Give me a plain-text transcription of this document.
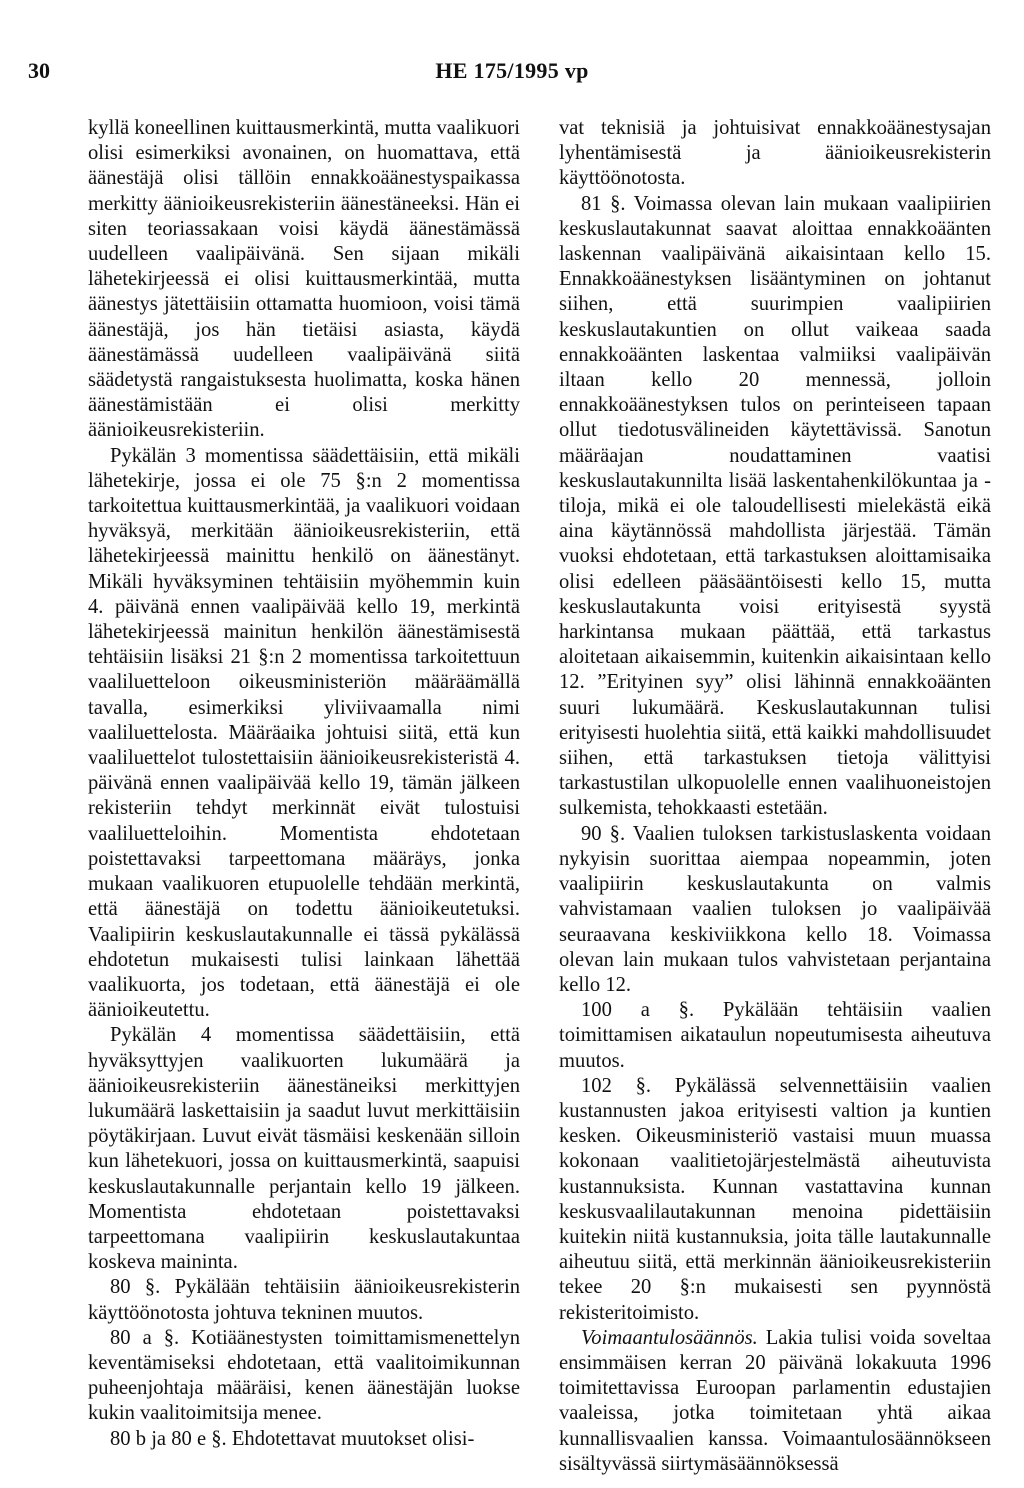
30	HE 175/1995 vp

kyllä koneellinen kuittausmerkintä, mutta vaalikuori olisi esimerkiksi avonainen, on huomattava, että äänestäjä olisi tällöin ennakkoäänestyspaikassa merkitty äänioikeusrekisteriin äänestäneeksi. Hän ei siten teoriassakaan voisi käydä äänestämässä uudelleen vaalipäivänä. Sen sijaan mikäli lähetekirjeessä ei olisi kuittausmerkintää, mutta äänestys jätettäisiin ottamatta huomioon, voisi tämä äänestäjä, jos hän tietäisi asiasta, käydä äänestämässä uudelleen vaalipäivänä siitä säädetystä rangaistuksesta huolimatta, koska hänen äänestämistään ei olisi merkitty äänioikeusrekisteriin.

Pykälän 3 momentissa säädettäisiin, että mikäli lähetekirje, jossa ei ole 75 §:n 2 momentissa tarkoitettua kuittausmerkintää, ja vaalikuori voidaan hyväksyä, merkitään äänioikeusrekisteriin, että lähetekirjeessä mainittu henkilö on äänestänyt. Mikäli hyväksyminen tehtäisiin myöhemmin kuin 4. päivänä ennen vaalipäivää kello 19, merkintä lähetekirjeessä mainitun henkilön äänestämisestä tehtäisiin lisäksi 21 §:n 2 momentissa tarkoitettuun vaaliluetteloon oikeusministeriön määräämällä tavalla, esimerkiksi yliviivaamalla nimi vaaliluettelosta. Määräaika johtuisi siitä, että kun vaaliluettelot tulostettaisiin äänioikeusrekisteristä 4. päivänä ennen vaalipäivää kello 19, tämän jälkeen rekisteriin tehdyt merkinnät eivät tulostuisi vaaliluetteloihin. Momentista ehdotetaan poistettavaksi tarpeettomana määräys, jonka mukaan vaalikuoren etupuolelle tehdään merkintä, että äänestäjä on todettu äänioikeutetuksi. Vaalipiirin keskuslautakunnalle ei tässä pykälässä ehdotetun mukaisesti tulisi lainkaan lähettää vaalikuorta, jos todetaan, että äänestäjä ei ole äänioikeutettu.

Pykälän 4 momentissa säädettäisiin, että hyväksyttyjen vaalikuorten lukumäärä ja äänioikeusrekisteriin äänestäneiksi merkittyjen lukumäärä laskettaisiin ja saadut luvut merkittäisiin pöytäkirjaan. Luvut eivät täsmäisi keskenään silloin kun lähetekuori, jossa on kuittausmerkintä, saapuisi keskuslautakunnalle perjantain kello 19 jälkeen. Momentista ehdotetaan poistettavaksi tarpeettomana vaalipiirin keskuslautakuntaa koskeva maininta.

80 §. Pykälään tehtäisiin äänioikeusrekisterin käyttöönotosta johtuva tekninen muutos.

80 a §. Kotiäänestysten toimittamismenettelyn keventämiseksi ehdotetaan, että vaalitoimikunnan puheenjohtaja määräisi, kenen äänestäjän luokse kukin vaalitoimitsija menee.

80 b ja 80 e §. Ehdotettavat muutokset olisi-

vat teknisiä ja johtuisivat ennakkoäänestysajan lyhentämisestä ja äänioikeusrekisterin käyttöönotosta.

81 §. Voimassa olevan lain mukaan vaalipiirien keskuslautakunnat saavat aloittaa ennakkoäänten laskennan vaalipäivänä aikaisintaan kello 15. Ennakkoäänestyksen lisääntyminen on johtanut siihen, että suurimpien vaalipiirien keskuslautakuntien on ollut vaikeaa saada ennakkoäänten laskentaa valmiiksi vaalipäivän iltaan kello 20 mennessä, jolloin ennakkoäänestyksen tulos on perinteiseen tapaan ollut tiedotusvälineiden käytettävissä. Sanotun määräajan noudattaminen vaatisi keskuslautakunnilta lisää laskentahenkilökuntaa ja -tiloja, mikä ei ole taloudellisesti mielekästä eikä aina käytännössä mahdollista järjestää. Tämän vuoksi ehdotetaan, että tarkastuksen aloittamisaika olisi edelleen pääsääntöisesti kello 15, mutta keskuslautakunta voisi erityisestä syystä harkintansa mukaan päättää, että tarkastus aloitetaan aikaisemmin, kuitenkin aikaisintaan kello 12. ”Erityinen syy” olisi lähinnä ennakkoäänten suuri lukumäärä. Keskuslautakunnan tulisi erityisesti huolehtia siitä, että kaikki mahdollisuudet siihen, että tarkastuksen tietoja välittyisi tarkastustilan ulkopuolelle ennen vaalihuoneistojen sulkemista, tehokkaasti estetään.

90 §. Vaalien tuloksen tarkistuslaskenta voidaan nykyisin suorittaa aiempaa nopeammin, joten vaalipiirin keskuslautakunta on valmis vahvistamaan vaalien tuloksen jo vaalipäivää seuraavana keskiviikkona kello 18. Voimassa olevan lain mukaan tulos vahvistetaan perjantaina kello 12.

100 a §. Pykälään tehtäisiin vaalien toimittamisen aikataulun nopeutumisesta aiheutuva muutos.

102 §. Pykälässä selvennettäisiin vaalien kustannusten jakoa erityisesti valtion ja kuntien kesken. Oikeusministeriö vastaisi muun muassa kokonaan vaalitietojärjestelmästä aiheutuvista kustannuksista. Kunnan vastattavina kunnan keskusvaalilautakunnan menoina pidettäisiin kuitekin niitä kustannuksia, joita tälle lautakunnalle aiheutuu siitä, että merkinnän äänioikeusrekisteriin tekee 20 §:n mukaisesti sen pyynnöstä rekisteritoimisto.

Voimaantulosäännös. Lakia tulisi voida soveltaa ensimmäisen kerran 20 päivänä lokakuuta 1996 toimitettavissa Euroopan parlamentin edustajien vaaleissa, jotka toimitetaan yhtä aikaa kunnallisvaalien kanssa. Voimaantulosäännökseen sisältyvässä siirtymäsäännöksessä
